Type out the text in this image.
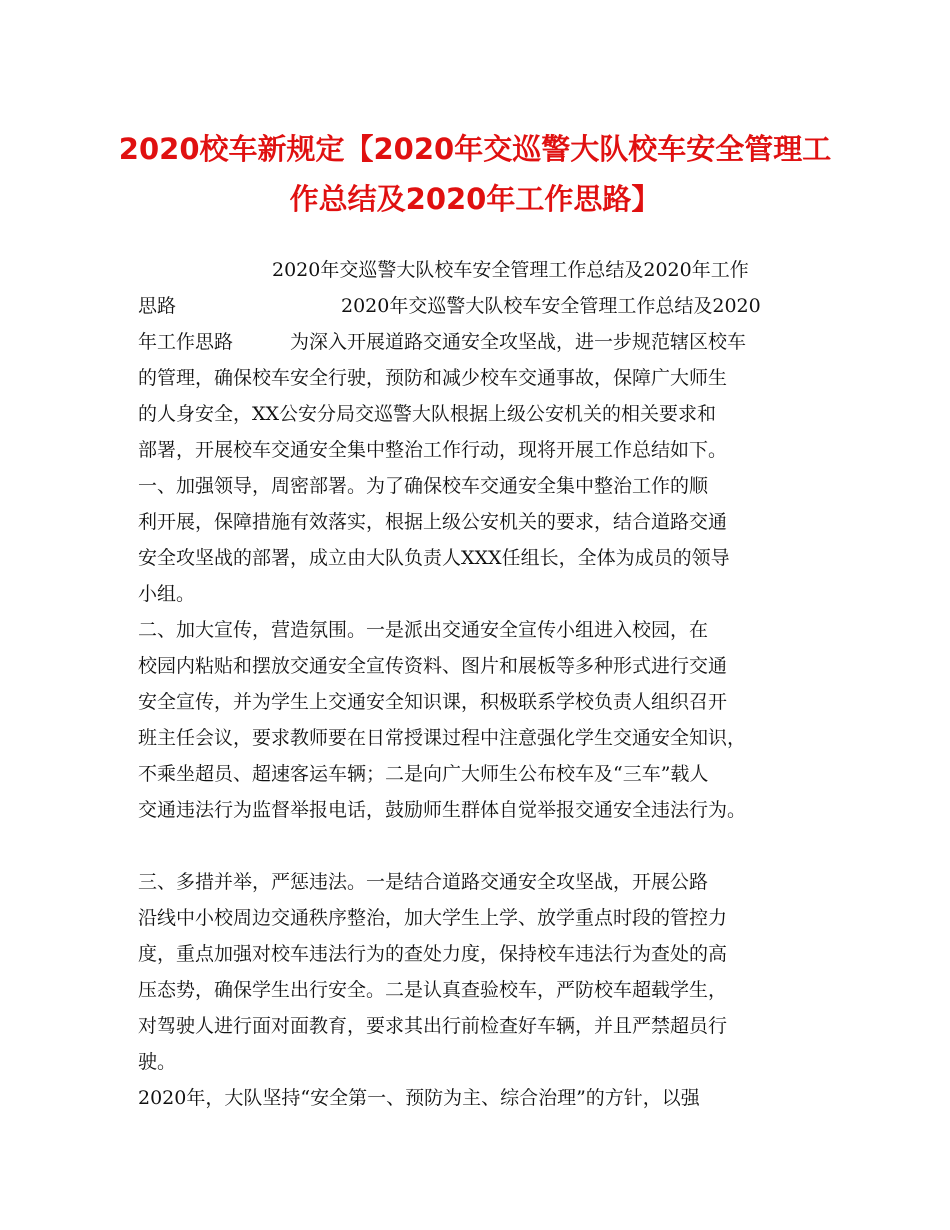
2020校车新规定【2020年交巡警大队校车安全管理工
作总结及2020年工作思路】
2020年交巡警大队校车安全管理工作总结及2020年工作
思路	2020年交巡警大队校车安全管理工作总结及2020
年工作思路	为深入开展道路交通安全攻坚战，进一步规范辖区校车
的管理，确保校车安全行驶，预防和减少校车交通事故，保障广大师生
的人身安全，XX公安分局交巡警大队根据上级公安机关的相关要求和
部署，开展校车交通安全集中整治工作行动，现将开展工作总结如下。
一、加强领导，周密部署。为了确保校车交通安全集中整治工作的顺
利开展，保障措施有效落实，根据上级公安机关的要求，结合道路交通
安全攻坚战的部署，成立由大队负责人XXX任组长，全体为成员的领导
小组。
二、加大宣传，营造氛围。一是派出交通安全宣传小组进入校园，在
校园内粘贴和摆放交通安全宣传资料、图片和展板等多种形式进行交通
安全宣传，并为学生上交通安全知识课，积极联系学校负责人组织召开
班主任会议，要求教师要在日常授课过程中注意强化学生交通安全知识，
不乘坐超员、超速客运车辆；二是向广大师生公布校车及“三车”载人
交通违法行为监督举报电话，鼓励师生群体自觉举报交通安全违法行为。
三、多措并举，严惩违法。一是结合道路交通安全攻坚战，开展公路
沿线中小校周边交通秩序整治，加大学生上学、放学重点时段的管控力
度，重点加强对校车违法行为的查处力度，保持校车违法行为查处的高
压态势，确保学生出行安全。二是认真查验校车，严防校车超载学生，
对驾驶人进行面对面教育，要求其出行前检查好车辆，并且严禁超员行
驶。
2020年，大队坚持“安全第一、预防为主、综合治理”的方针，以强
